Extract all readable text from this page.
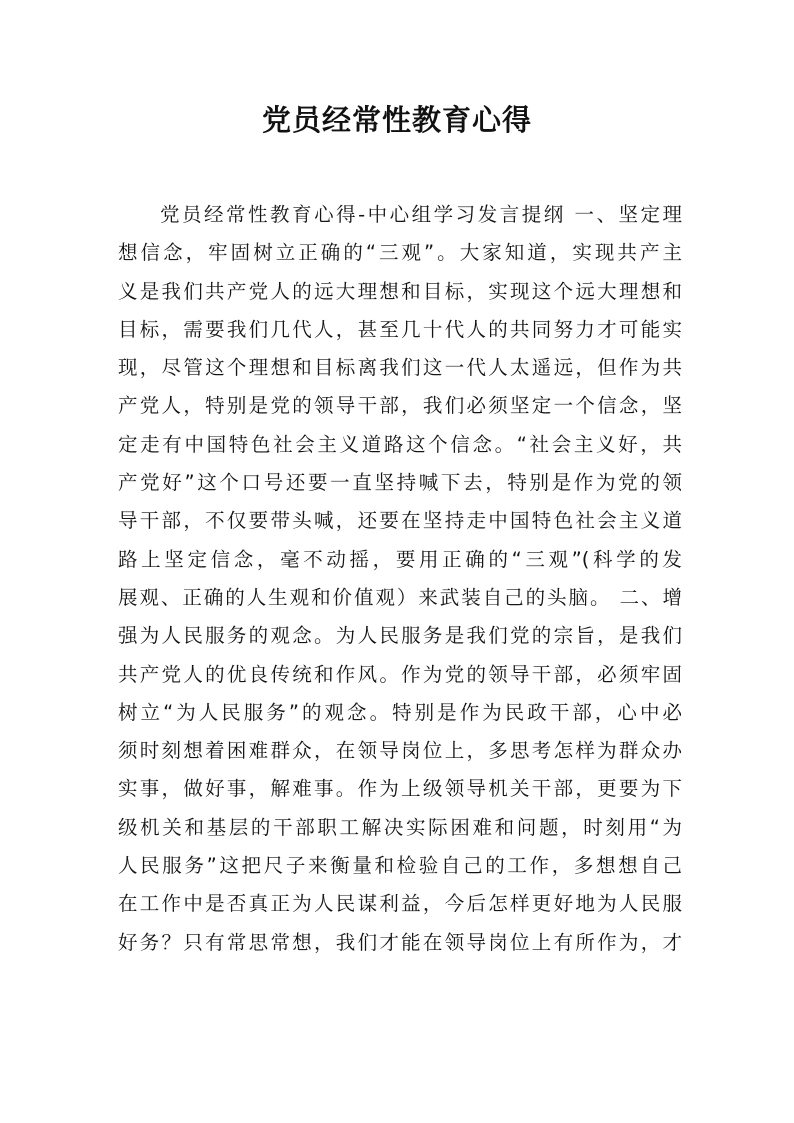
党员经常性教育心得
党员经常性教育心得-中心组学习发言提纲 一、坚定理
想信念，牢固树立正确的“三观”。大家知道，实现共产主
义是我们共产党人的远大理想和目标，实现这个远大理想和
目标，需要我们几代人，甚至几十代人的共同努力才可能实
现，尽管这个理想和目标离我们这一代人太遥远，但作为共
产党人，特别是党的领导干部，我们必须坚定一个信念，坚
定走有中国特色社会主义道路这个信念。“社会主义好，共
产党好”这个口号还要一直坚持喊下去，特别是作为党的领
导干部，不仅要带头喊，还要在坚持走中国特色社会主义道
路上坚定信念，毫不动摇，要用正确的“三观”(科学的发
展观、正确的人生观和价值观）来武装自己的头脑。 二、增
强为人民服务的观念。为人民服务是我们党的宗旨，是我们
共产党人的优良传统和作风。作为党的领导干部，必须牢固
树立“为人民服务”的观念。特别是作为民政干部，心中必
须时刻想着困难群众，在领导岗位上，多思考怎样为群众办
实事，做好事，解难事。作为上级领导机关干部，更要为下
级机关和基层的干部职工解决实际困难和问题，时刻用“为
人民服务”这把尺子来衡量和检验自己的工作，多想想自己
在工作中是否真正为人民谋利益，今后怎样更好地为人民服
好务？只有常思常想，我们才能在领导岗位上有所作为，才
